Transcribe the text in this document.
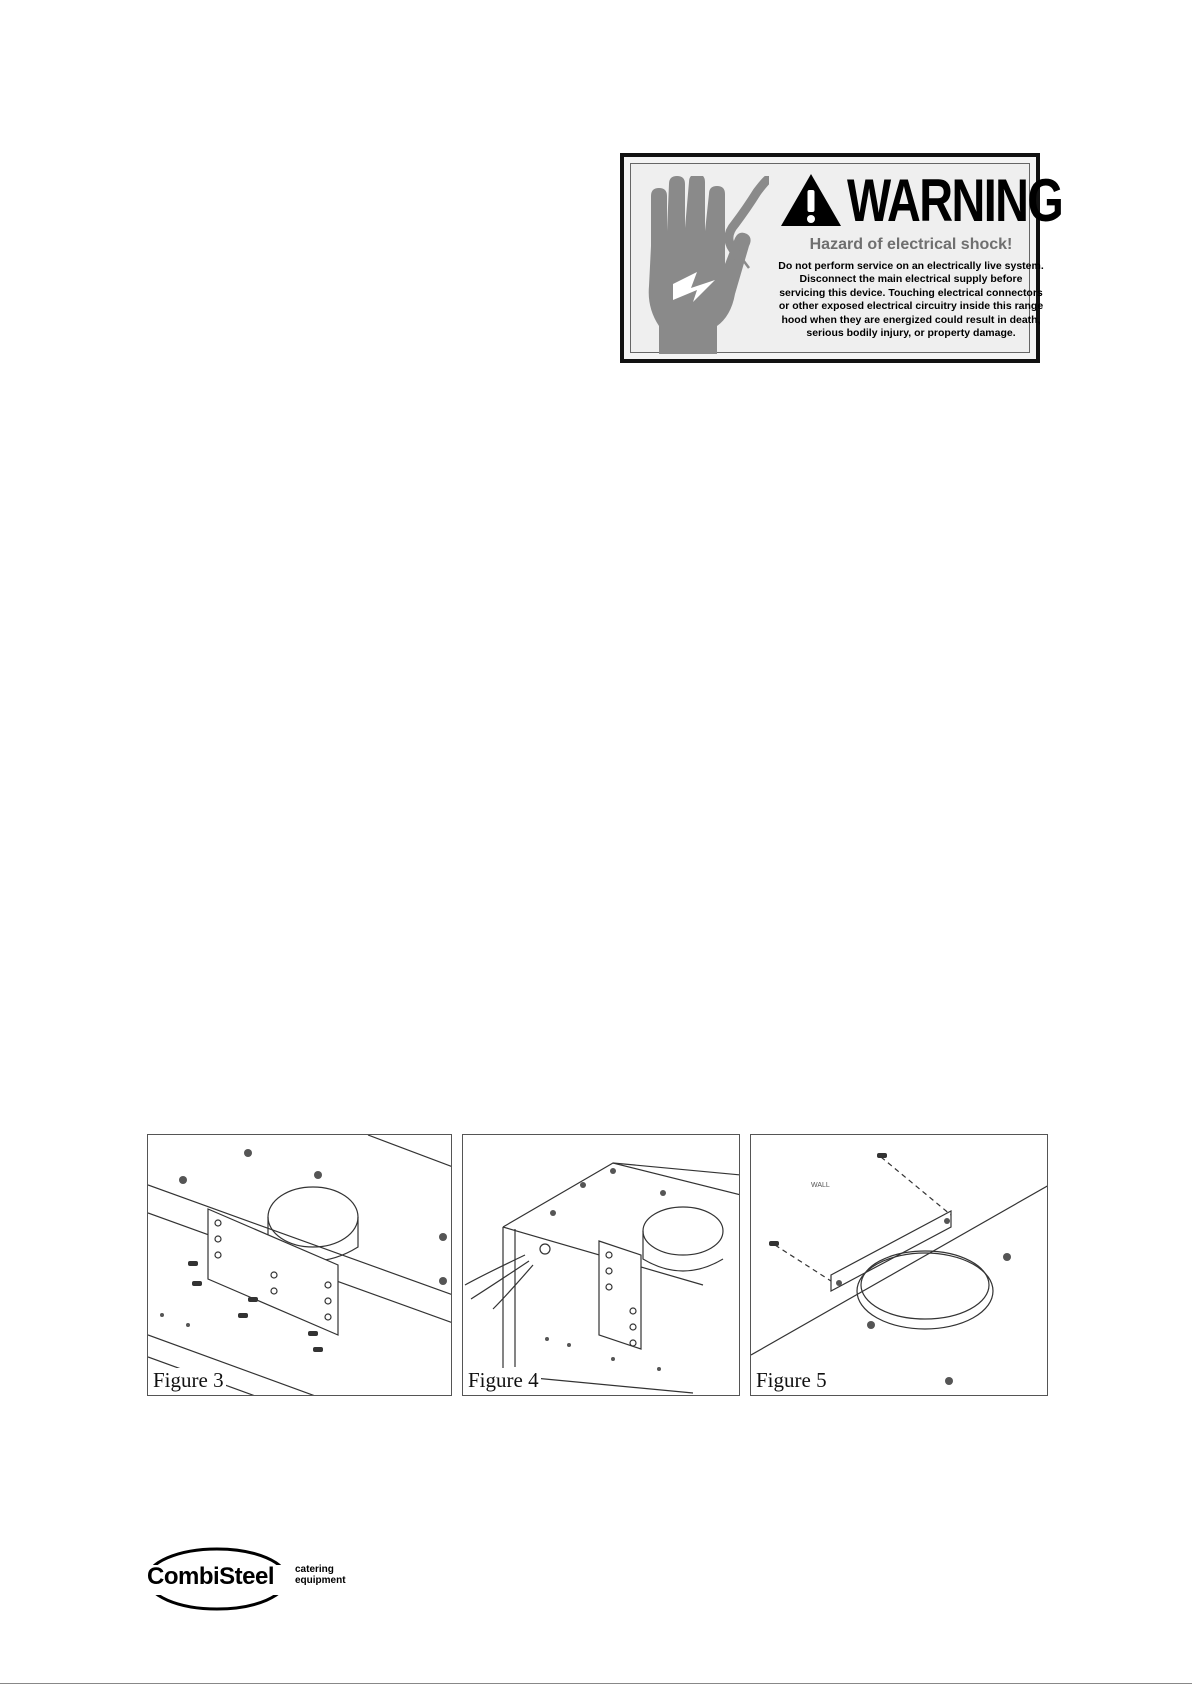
WARNING
Hazard of electrical shock!
Do not perform service on an electrically live system. Disconnect the main electrical supply before servicing this device. Touching electrical connectors or other exposed electrical circuitry inside this range hood when they are energized could result in death, serious bodily injury, or property damage.
Figure 3	Figure 4
WALL
Figure 5
CombiSteel catering
equipment
